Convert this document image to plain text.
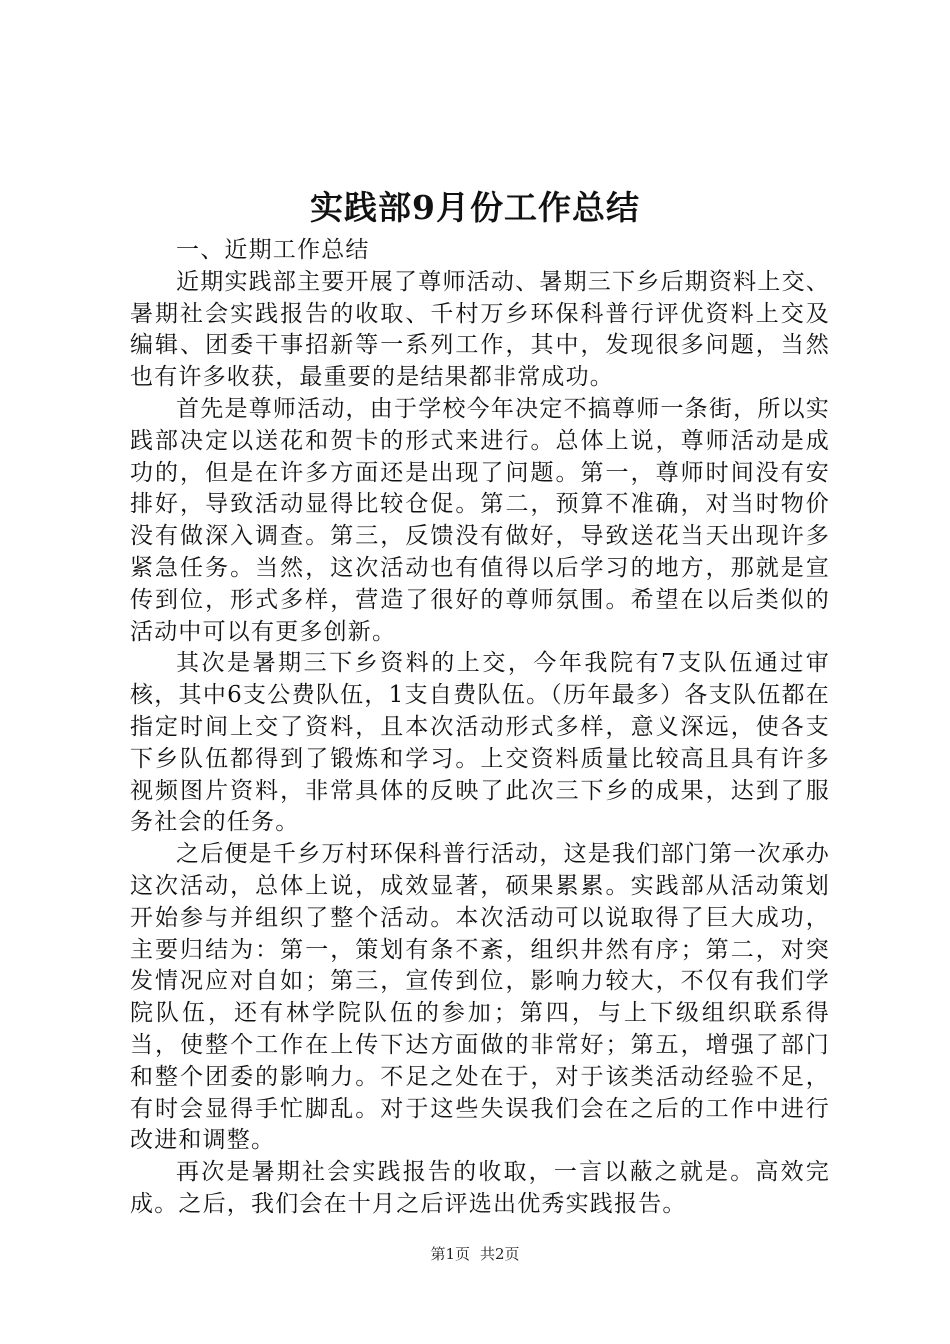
实践部9月份工作总结

一、近期工作总结

近期实践部主要开展了尊师活动、暑期三下乡后期资料上交、暑期社会实践报告的收取、千村万乡环保科普行评优资料上交及编辑、团委干事招新等一系列工作，其中，发现很多问题，当然也有许多收获，最重要的是结果都非常成功。

首先是尊师活动，由于学校今年决定不搞尊师一条街，所以实践部决定以送花和贺卡的形式来进行。总体上说，尊师活动是成功的，但是在许多方面还是出现了问题。第一，尊师时间没有安排好，导致活动显得比较仓促。第二，预算不准确，对当时物价没有做深入调查。第三，反馈没有做好，导致送花当天出现许多紧急任务。当然，这次活动也有值得以后学习的地方，那就是宣传到位，形式多样，营造了很好的尊师氛围。希望在以后类似的活动中可以有更多创新。

其次是暑期三下乡资料的上交，今年我院有7支队伍通过审核，其中6支公费队伍，1支自费队伍。（历年最多）各支队伍都在指定时间上交了资料，且本次活动形式多样，意义深远，使各支下乡队伍都得到了锻炼和学习。上交资料质量比较高且具有许多视频图片资料，非常具体的反映了此次三下乡的成果，达到了服务社会的任务。

之后便是千乡万村环保科普行活动，这是我们部门第一次承办这次活动，总体上说，成效显著，硕果累累。实践部从活动策划开始参与并组织了整个活动。本次活动可以说取得了巨大成功，主要归结为：第一，策划有条不紊，组织井然有序；第二，对突发情况应对自如；第三，宣传到位，影响力较大，不仅有我们学院队伍，还有林学院队伍的参加；第四，与上下级组织联系得当，使整个工作在上传下达方面做的非常好；第五，增强了部门和整个团委的影响力。不足之处在于，对于该类活动经验不足，有时会显得手忙脚乱。对于这些失误我们会在之后的工作中进行改进和调整。

再次是暑期社会实践报告的收取，一言以蔽之就是。高效完成。之后，我们会在十月之后评选出优秀实践报告。

第1页 共2页
